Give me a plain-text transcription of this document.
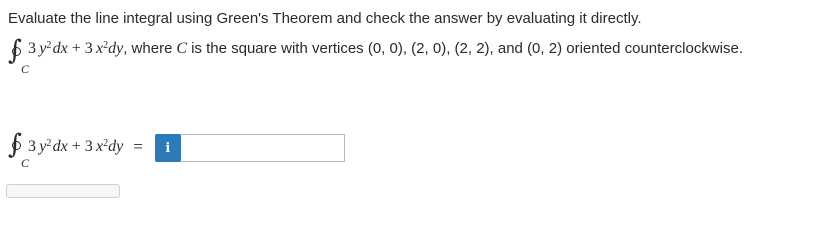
Evaluate the line integral using Green's Theorem and check the answer by evaluating it directly.
∫
C
3  $y^2$ dx + 3  $x^2dy$, where C is the square with vertices (0, 0), (2, 0), (2, 2), and (0, 2) oriented counterclockwise.
∫
C
3  $y^2$ dx + 3  $x^2dy = i$
